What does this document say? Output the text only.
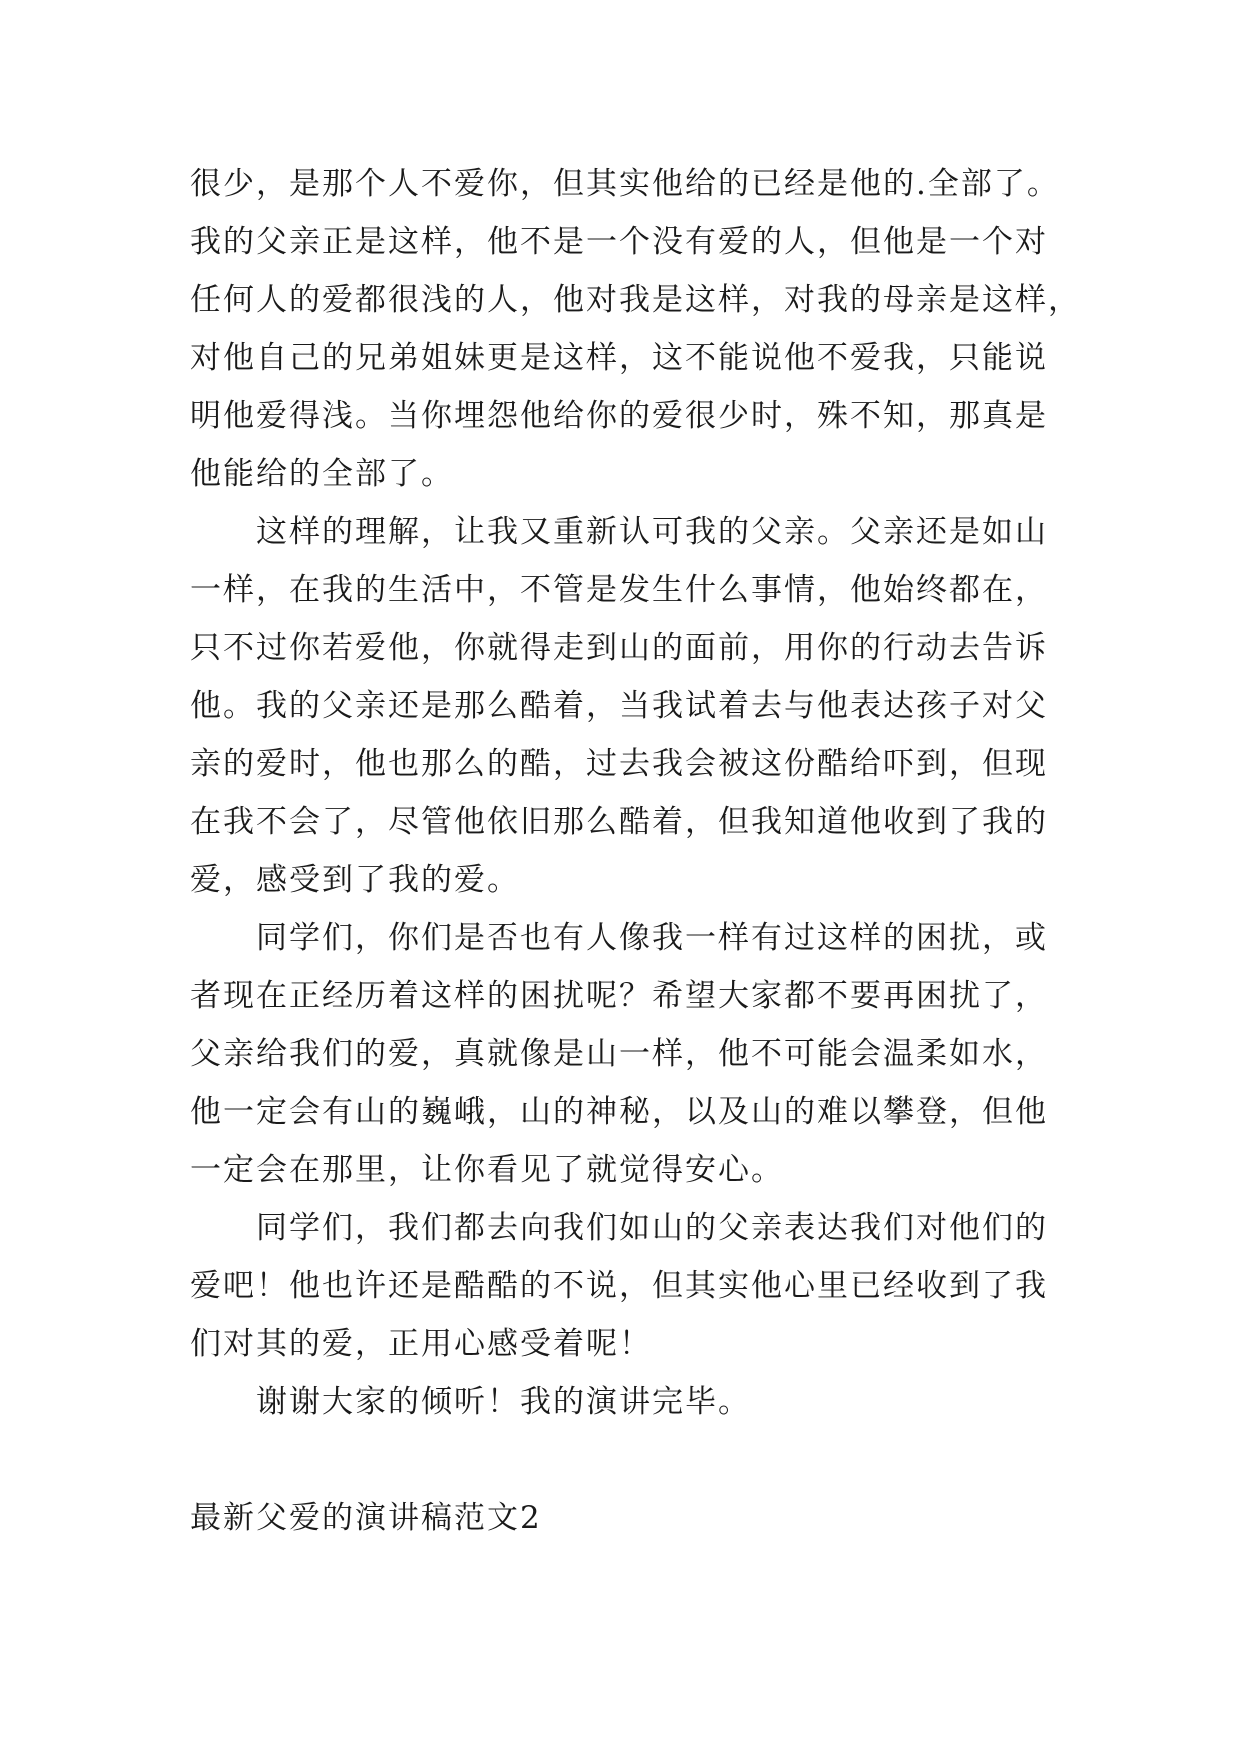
很少，是那个人不爱你，但其实他给的已经是他的.全部了。
我的父亲正是这样，他不是一个没有爱的人，但他是一个对
任何人的爱都很浅的人，他对我是这样，对我的母亲是这样，
对他自己的兄弟姐妹更是这样，这不能说他不爱我，只能说
明他爱得浅。当你埋怨他给你的爱很少时，殊不知，那真是
他能给的全部了。
这样的理解，让我又重新认可我的父亲。父亲还是如山
一样，在我的生活中，不管是发生什么事情，他始终都在，
只不过你若爱他，你就得走到山的面前，用你的行动去告诉
他。我的父亲还是那么酷着，当我试着去与他表达孩子对父
亲的爱时，他也那么的酷，过去我会被这份酷给吓到，但现
在我不会了，尽管他依旧那么酷着，但我知道他收到了我的
爱，感受到了我的爱。
同学们，你们是否也有人像我一样有过这样的困扰，或
者现在正经历着这样的困扰呢？希望大家都不要再困扰了，
父亲给我们的爱，真就像是山一样，他不可能会温柔如水，
他一定会有山的巍峨，山的神秘，以及山的难以攀登，但他
一定会在那里，让你看见了就觉得安心。
同学们，我们都去向我们如山的父亲表达我们对他们的
爱吧！他也许还是酷酷的不说，但其实他心里已经收到了我
们对其的爱，正用心感受着呢！
谢谢大家的倾听！我的演讲完毕。
最新父爱的演讲稿范文2
